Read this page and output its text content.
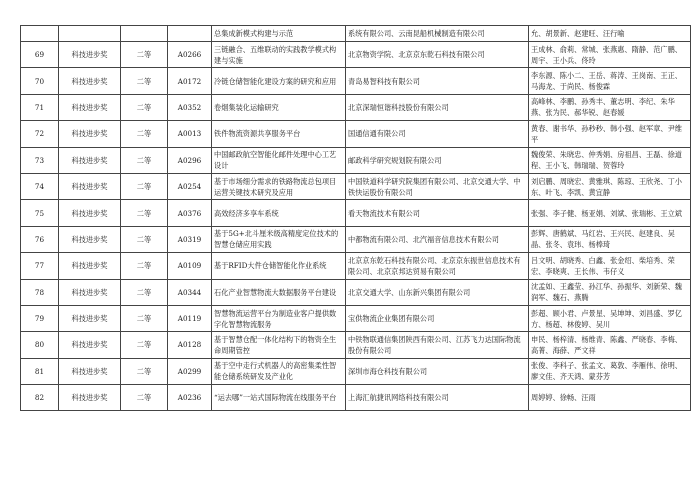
				总集成新模式构建与示范	系统有限公司、云南昆船机械制造有限公司	允、胡景新、赵建旺、汪行喻
69	科技进步奖	二等	A0266	三链融合、五维联动的实践教学模式构建与实施	北京物资学院、北京京东乾石科技有限公司	王成林、俞莉、常城、张燕惠、隋静、范广鹏、周宇、王小兵、佟玲
70	科技进步奖	二等	A0172	冷链仓储智能化建设方案的研究和应用	青岛易智科技有限公司	李东源、陈小二、王岳、蒋涛、王岗南、王正、马海龙、于尚民、杨俊霖
71	科技进步奖	二等	A0352	卷烟集装化运输研究	北京深瑞恒谐科技股份有限公司	高峰林、李鹏、孙秀丰、董志明、李纪、朱华燕、张为民、郝华锐、赵春媛
72	科技进步奖	二等	A0013	铁件物流资源共享服务平台	国通信通有限公司	黄春、谢书华、孙秒秒、韩小强、赵军章、尹维平
73	科技进步奖	二等	A0296	中国邮政航空智能化邮件处理中心工艺设计	邮政科学研究规划院有限公司	魏俊荣、朱晓忠、仲秀娟、房祖昌、王磊、徐道程、王小飞、韩瑞瑞、贺蓉玲
74	科技进步奖	二等	A0254	基于市场细分需求的铁路物流总包项目运营关键技术研究及应用	中国铁道科学研究院集团有限公司、北京交通大学、中铁快运股份有限公司	刘启鹏、周晓宏、黄雅琪、陈琼、王欣尧、丁小东、叶飞、李凯、黄宜静
75	科技进步奖	二等	A0376	高效经济多享车系统	看天物流技术有限公司	张强、李子健、杨亚娟、刘斌、张瑞彬、王立斌
76	科技进步奖	二等	A0319	基于5G+北斗厘米级高精度定位技术的智慧仓储应用实践	中都物流有限公司、北汽福音信息技术有限公司	彭辉、唐鹤斌、马红岩、王兴民、赵建良、吴晶、张冬、袁玮、杨棒琦
77	科技进步奖	二等	A0109	基于RFID大件仓储智能化作业系统	北京京东乾石科技有限公司、北京京东振世信息技术有限公司、北京京邦达贸易有限公司	吕文明、胡晓秀、白鑫、张金绍、柴培秀、荣宏、李晓爽、王长伟、韦仔义
78	科技进步奖	二等	A0344	石化产业智慧物流大数据服务平台建设	北京交通大学、山东新兴集团有限公司	沈孟如、王鑫莹、孙江华、孙振华、刘新荣、魏润军、魏石、燕腾
79	科技进步奖	二等	A0119	智慧物流运营平台为制造业客户提供数字化智慧物流服务	宝供物流企业集团有限公司	彭超、顾小君、卢景星、吴坤坤、刘昌盛、罗亿方、杨超、林俊婷、吴川
80	科技进步奖	二等	A0128	基于智慧仓配一体化结构下的物资全生命周期管控	中铁物联通信集团陕西有限公司、江苏飞力达国际物流股份有限公司	申民、杨梓清、杨维青、陈鑫、严晓春、李梅、高菁、海薛、严文祥
81	科技进步奖	二等	A0299	基于空中走行式机器人的高密集柔性智能仓储系统研发及产业化	深圳市海仓科技有限公司	张俊、李科子、张孟文、葛敦、李雁伟、徐明、廖文佳、齐天鸿、蒙芬芳
82	科技进步奖	二等	A0236	“运去哪”一站式国际物流在线服务平台	上海汇航捷讯网络科技有限公司	周婷婷、徐畅、汪雨
